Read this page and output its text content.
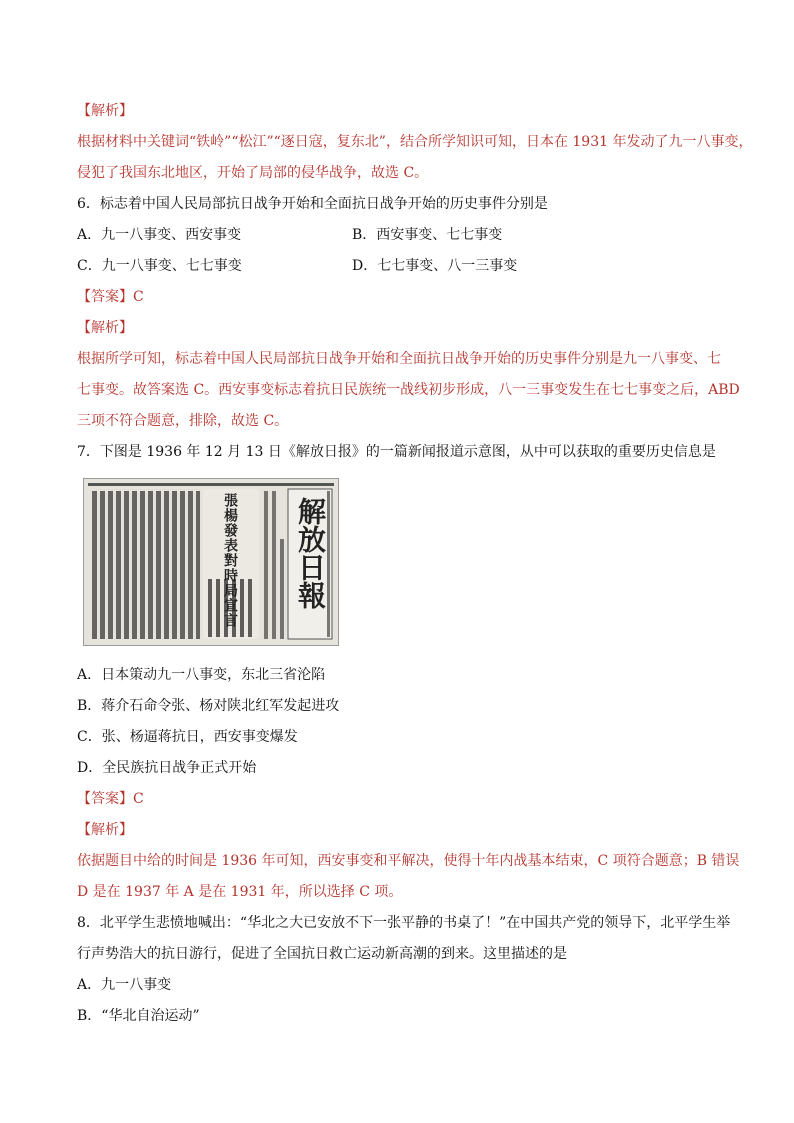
【解析】
根据材料中关键词“铁岭”“松江”“逐日寇，复东北”，结合所学知识可知，日本在 1931 年发动了九一八事变，
侵犯了我国东北地区，开始了局部的侵华战争，故选 C。
6．标志着中国人民局部抗日战争开始和全面抗日战争开始的历史事件分别是
A．九一八事变、西安事变	B．西安事变、七七事变
C．九一八事变、七七事变	D．七七事变、八一三事变
【答案】C
【解析】
根据所学可知，标志着中国人民局部抗日战争开始和全面抗日战争开始的历史事件分别是九一八事变、七
七事变。故答案选 C。西安事变标志着抗日民族统一战线初步形成，八一三事变发生在七七事变之后，ABD
三项不符合题意，排除，故选 C。
7．下图是 1936 年 12 月 13 日《解放日报》的一篇新闻报道示意图，从中可以获取的重要历史信息是
張楊發表對時局宣言 解放日報
A．日本策动九一八事变，东北三省沦陷
B．蒋介石命令张、杨对陕北红军发起进攻
C．张、杨逼蒋抗日，西安事变爆发
D．全民族抗日战争正式开始
【答案】C
【解析】
依据题目中给的时间是 1936 年可知，西安事变和平解决，使得十年内战基本结束，C 项符合题意；B 错误
D 是在 1937 年 A 是在 1931 年，所以选择 C 项。
8．北平学生悲愤地喊出：“华北之大已安放不下一张平静的书桌了！”在中国共产党的领导下，北平学生举
行声势浩大的抗日游行，促进了全国抗日救亡运动新高潮的到来。这里描述的是
A．九一八事变
B．“华北自治运动”
